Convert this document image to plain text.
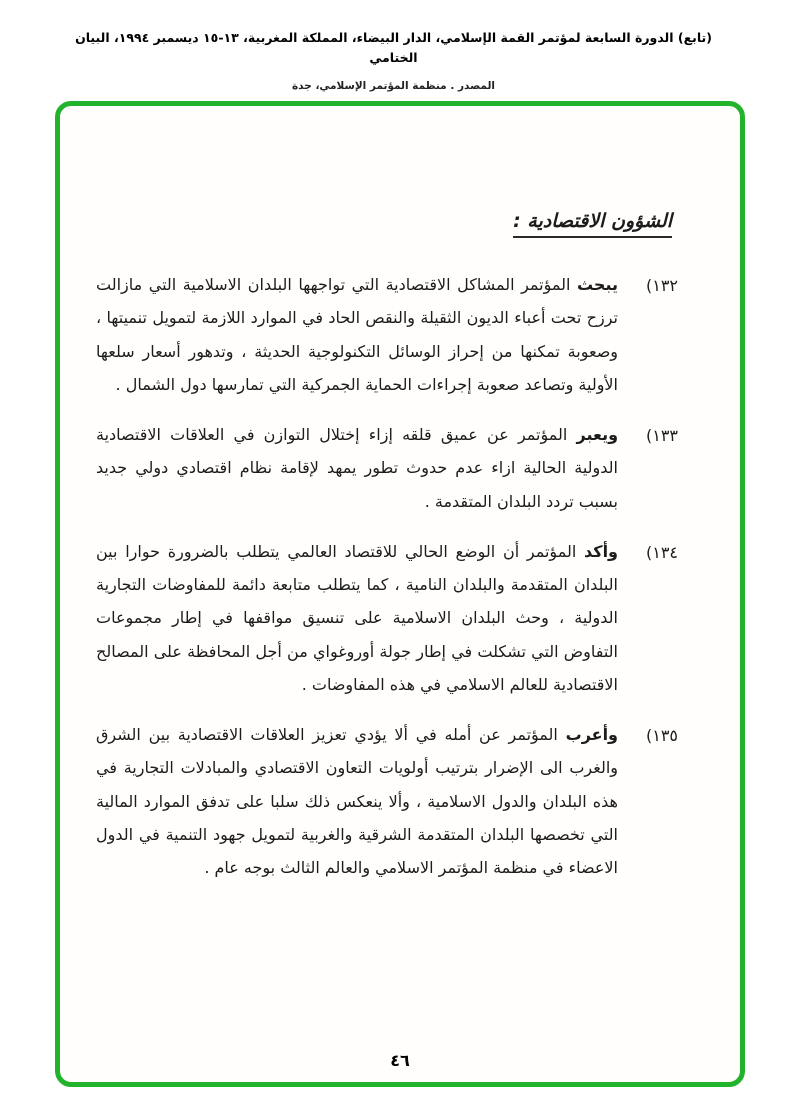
(تابع) الدورة السابعة لمؤتمر القمة الإسلامي، الدار البيضاء، المملكة المغربية، ١٣-١٥ ديسمبر ١٩٩٤، البيان الختامي
المصدر . منظمة المؤتمر الإسلامي، جدة
الشؤون الاقتصادية :
١٣٢)
يبحث المؤتمر المشاكل الاقتصادية التي تواجهها البلدان الاسلامية التي مازالت ترزح تحت أعباء الديون الثقيلة والنقص الحاد في الموارد اللازمة لتمويل تنميتها ، وصعوبة تمكنها من إحراز الوسائل التكنولوجية الحديثة ، وتدهور أسعار سلعها الأولية وتصاعد صعوبة إجراءات الحماية الجمركية التي تمارسها دول الشمال .
١٣٣)
ويعبر المؤتمر عن عميق قلقه إزاء إختلال التوازن في العلاقات الاقتصادية الدولية الحالية ازاء عدم حدوث تطور يمهد لإقامة نظام اقتصادي دولي جديد بسبب تردد البلدان المتقدمة .
١٣٤)
وأكد المؤتمر أن الوضع الحالي للاقتصاد العالمي يتطلب بالضرورة حوارا بين البلدان المتقدمة والبلدان النامية ، كما يتطلب متابعة دائمة للمفاوضات التجارية الدولية ، وحث البلدان الاسلامية على تنسيق مواقفها في إطار مجموعات التفاوض التي تشكلت في إطار جولة أوروغواي من أجل المحافظة على المصالح الاقتصادية للعالم الاسلامي في هذه المفاوضات .
١٣٥)
وأعرب المؤتمر عن أمله في ألا يؤدي تعزيز العلاقات الاقتصادية بين الشرق والغرب الى الإضرار بترتيب أولويات التعاون الاقتصادي والمبادلات التجارية في هذه البلدان والدول الاسلامية ، وألا ينعكس ذلك سلبا على تدفق الموارد المالية التي تخصصها البلدان المتقدمة الشرقية والغربية لتمويل جهود التنمية في الدول الاعضاء في منظمة المؤتمر الاسلامي والعالم الثالث بوجه عام .
٤٦
